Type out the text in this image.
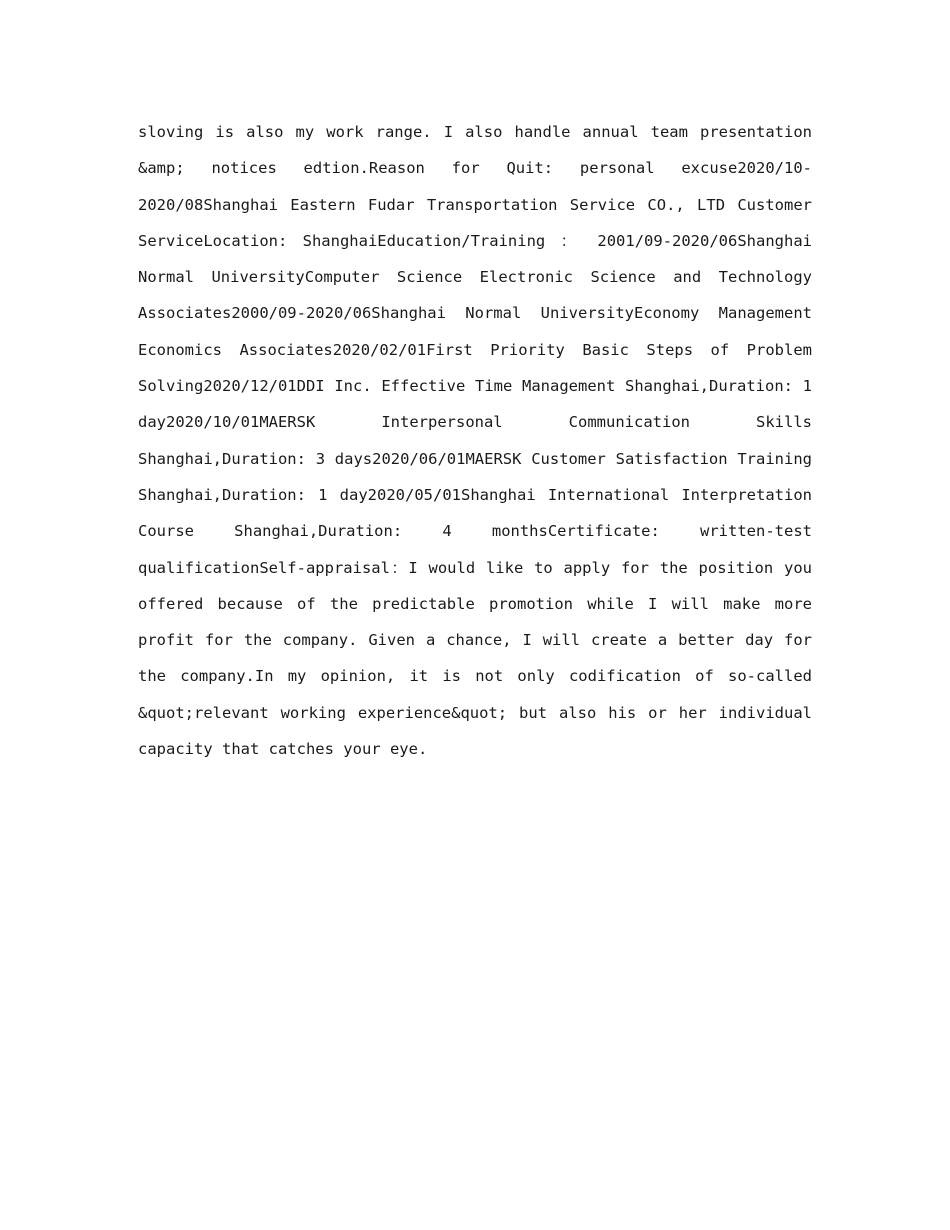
sloving is also my work range. I also handle annual team presentation &amp; notices edtion.Reason for Quit: personal excuse2020/10-2020/08Shanghai Eastern Fudar Transportation Service CO., LTD Customer ServiceLocation: ShanghaiEducation/Training ： 2001/09-2020/06Shanghai Normal UniversityComputer Science Electronic Science and Technology Associates2000/09-2020/06Shanghai Normal UniversityEconomy Management Economics Associates2020/02/01First Priority Basic Steps of Problem Solving2020/12/01DDI Inc. Effective Time Management Shanghai,Duration: 1 day2020/10/01MAERSK Interpersonal Communication Skills Shanghai,Duration: 3 days2020/06/01MAERSK Customer Satisfaction Training Shanghai,Duration: 1 day2020/05/01Shanghai International Interpretation Course Shanghai,Duration: 4 monthsCertificate: written-test qualificationSelf-appraisal：I would like to apply for the position you offered because of the predictable promotion while I will make more profit for the company. Given a chance, I will create a better day for the company.In my opinion, it is not only codification of so-called &quot;relevant working experience&quot; but also his or her individual capacity that catches your eye.
